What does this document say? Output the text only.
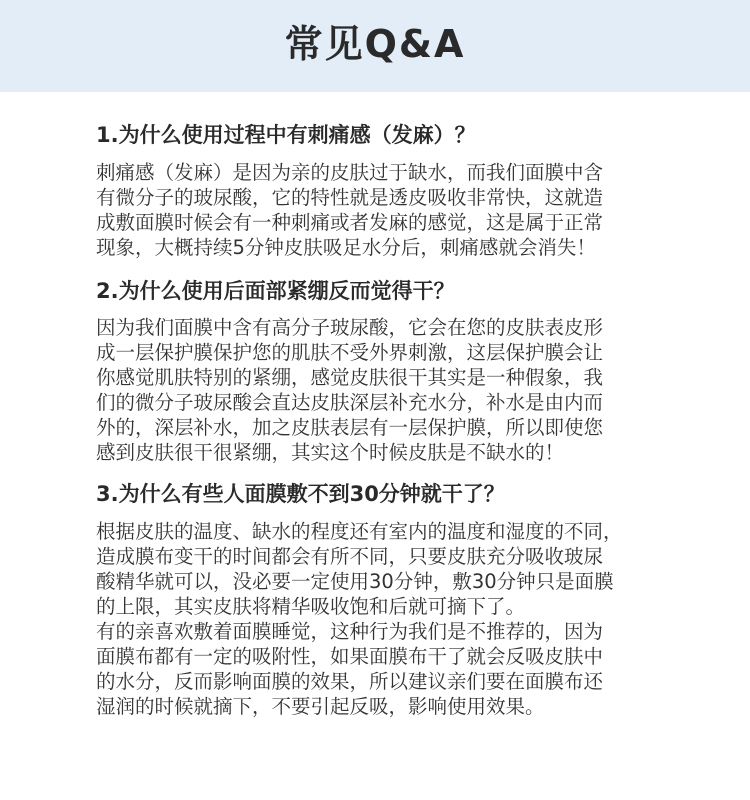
常见Q&A
1.为什么使用过程中有刺痛感（发麻）？
刺痛感（发麻）是因为亲的皮肤过于缺水，而我们面膜中含
有微分子的玻尿酸，它的特性就是透皮吸收非常快，这就造
成敷面膜时候会有一种刺痛或者发麻的感觉，这是属于正常
现象，大概持续5分钟皮肤吸足水分后，刺痛感就会消失！
2.为什么使用后面部紧绷反而觉得干？
因为我们面膜中含有高分子玻尿酸，它会在您的皮肤表皮形
成一层保护膜保护您的肌肤不受外界刺激，这层保护膜会让
你感觉肌肤特别的紧绷，感觉皮肤很干其实是一种假象，我
们的微分子玻尿酸会直达皮肤深层补充水分，补水是由内而
外的，深层补水，加之皮肤表层有一层保护膜，所以即使您
感到皮肤很干很紧绷，其实这个时候皮肤是不缺水的！
3.为什么有些人面膜敷不到30分钟就干了？
根据皮肤的温度、缺水的程度还有室内的温度和湿度的不同，
造成膜布变干的时间都会有所不同，只要皮肤充分吸收玻尿
酸精华就可以，没必要一定使用30分钟，敷30分钟只是面膜
的上限，其实皮肤将精华吸收饱和后就可摘下了。
有的亲喜欢敷着面膜睡觉，这种行为我们是不推荐的，因为
面膜布都有一定的吸附性，如果面膜布干了就会反吸皮肤中
的水分，反而影响面膜的效果，所以建议亲们要在面膜布还
湿润的时候就摘下，不要引起反吸，影响使用效果。
